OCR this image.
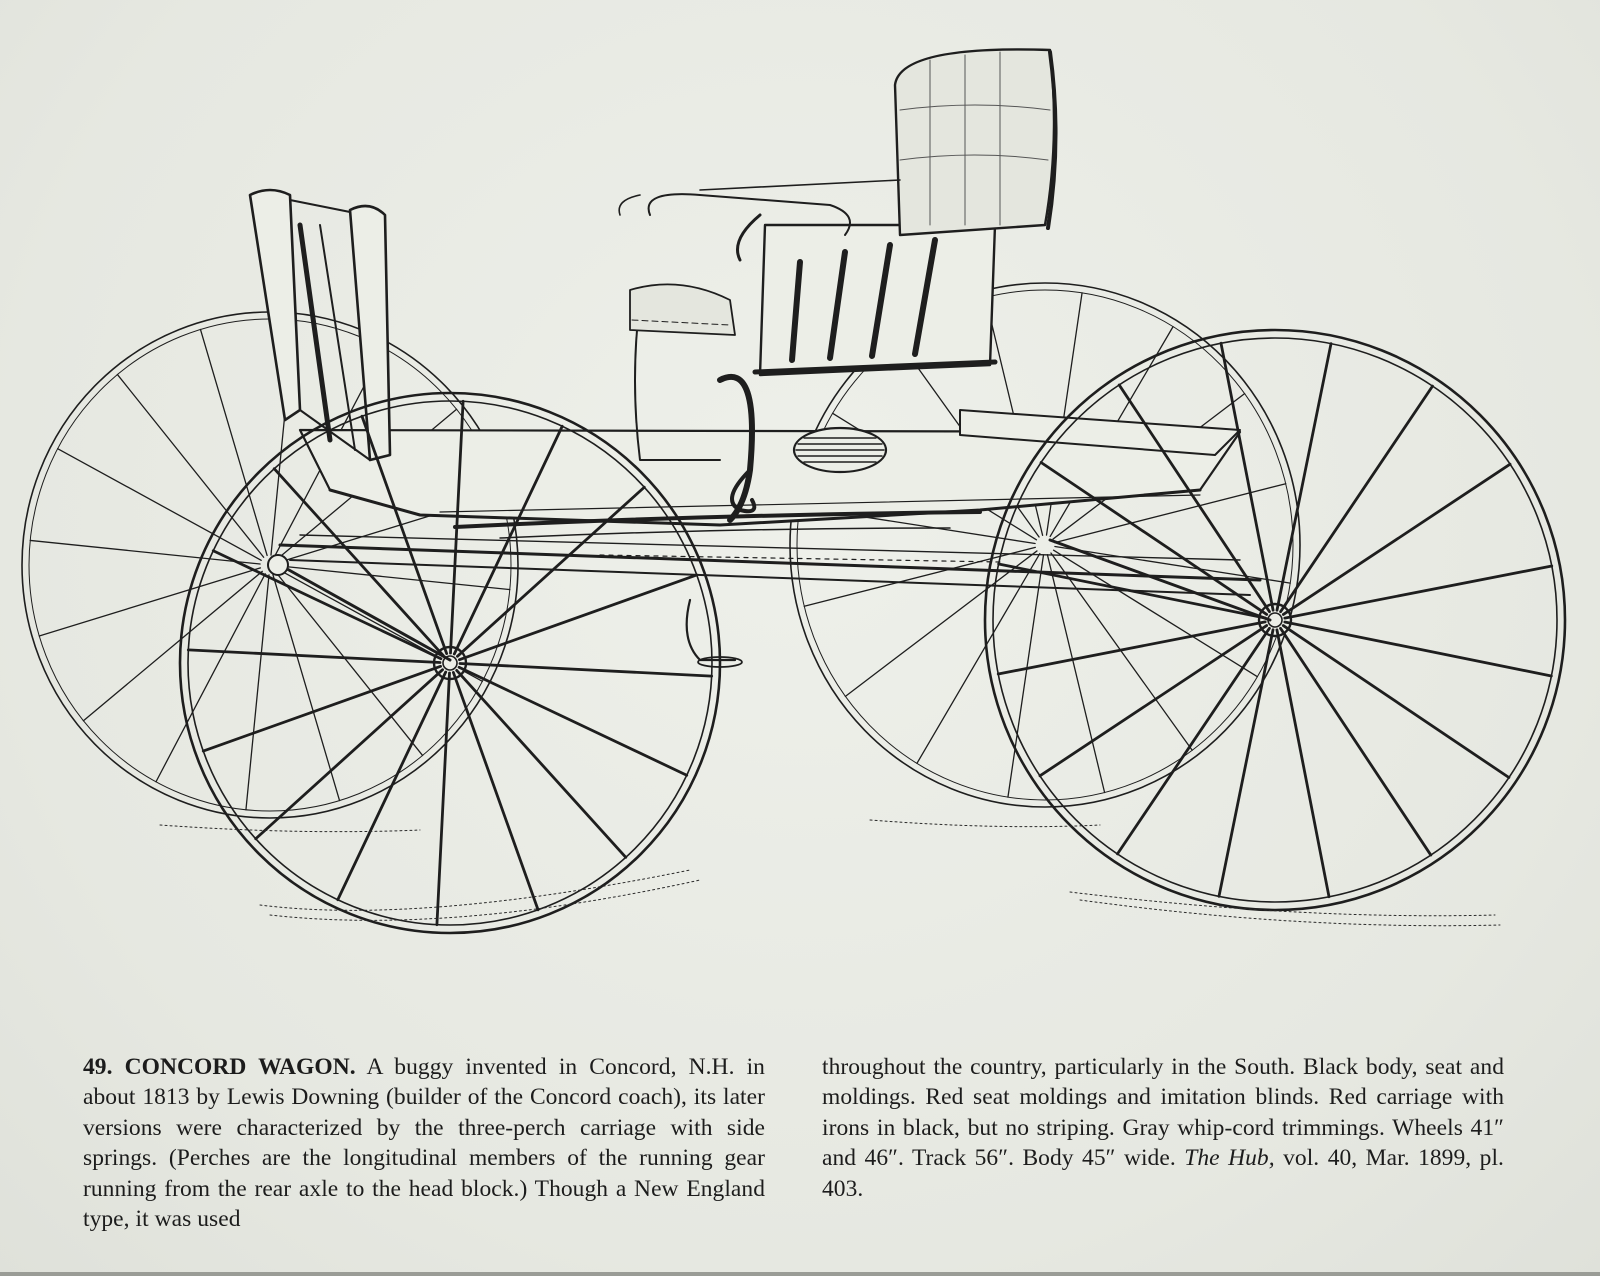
49. CONCORD WAGON. A buggy invented in Concord, N.H. in about 1813 by Lewis Downing (builder of the Concord coach), its later versions were characterized by the three-perch carriage with side springs. (Perches are the longitudinal members of the running gear running from the rear axle to the head block.) Though a New England type, it was used
throughout the country, particularly in the South. Black body, seat and moldings. Red seat moldings and imitation blinds. Red carriage with irons in black, but no striping. Gray whip-cord trimmings. Wheels 41″ and 46″. Track 56″. Body 45″ wide. The Hub, vol. 40, Mar. 1899, pl. 403.
